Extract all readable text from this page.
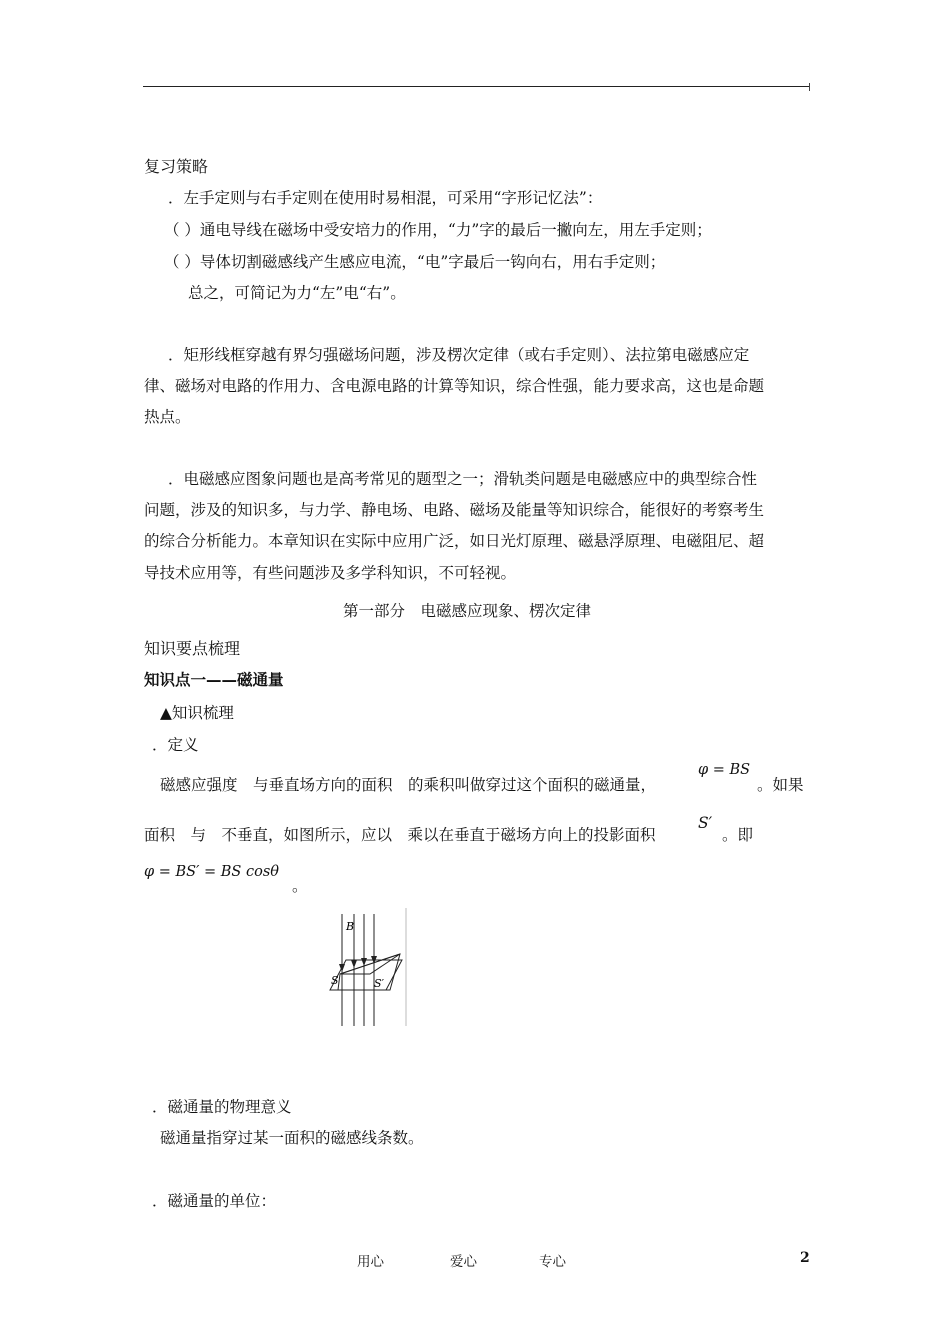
复习策略
．左手定则与右手定则在使用时易相混，可采用“字形记忆法”：
（ ）通电导线在磁场中受安培力的作用，“力”字的最后一撇向左，用左手定则；
（ ）导体切割磁感线产生感应电流，“电”字最后一钩向右，用右手定则；
总之，可简记为力“左”电“右”。
．矩形线框穿越有界匀强磁场问题，涉及楞次定律（或右手定则）、法拉第电磁感应定
律、磁场对电路的作用力、含电源电路的计算等知识，综合性强，能力要求高，这也是命题
热点。
．电磁感应图象问题也是高考常见的题型之一；滑轨类问题是电磁感应中的典型综合性
问题，涉及的知识多，与力学、静电场、电路、磁场及能量等知识综合，能很好的考察考生
的综合分析能力。本章知识在实际中应用广泛，如日光灯原理、磁悬浮原理、电磁阻尼、超
导技术应用等，有些问题涉及多学科知识，不可轻视。
第一部分　电磁感应现象、楞次定律
知识要点梳理
知识点一——磁通量
▲知识梳理
．定义
磁感应强度　与垂直场方向的面积　的乘积叫做穿过这个面积的磁通量，
φ = BS
。如果
面积　与　不垂直，如图所示，应以　乘以在垂直于磁场方向上的投影面积
S′
。即
φ = BS′ = BS cosθ
。
B
S	S′
．磁通量的物理意义
磁通量指穿过某一面积的磁感线条数。
．磁通量的单位：
用心	爱心	专心	2
